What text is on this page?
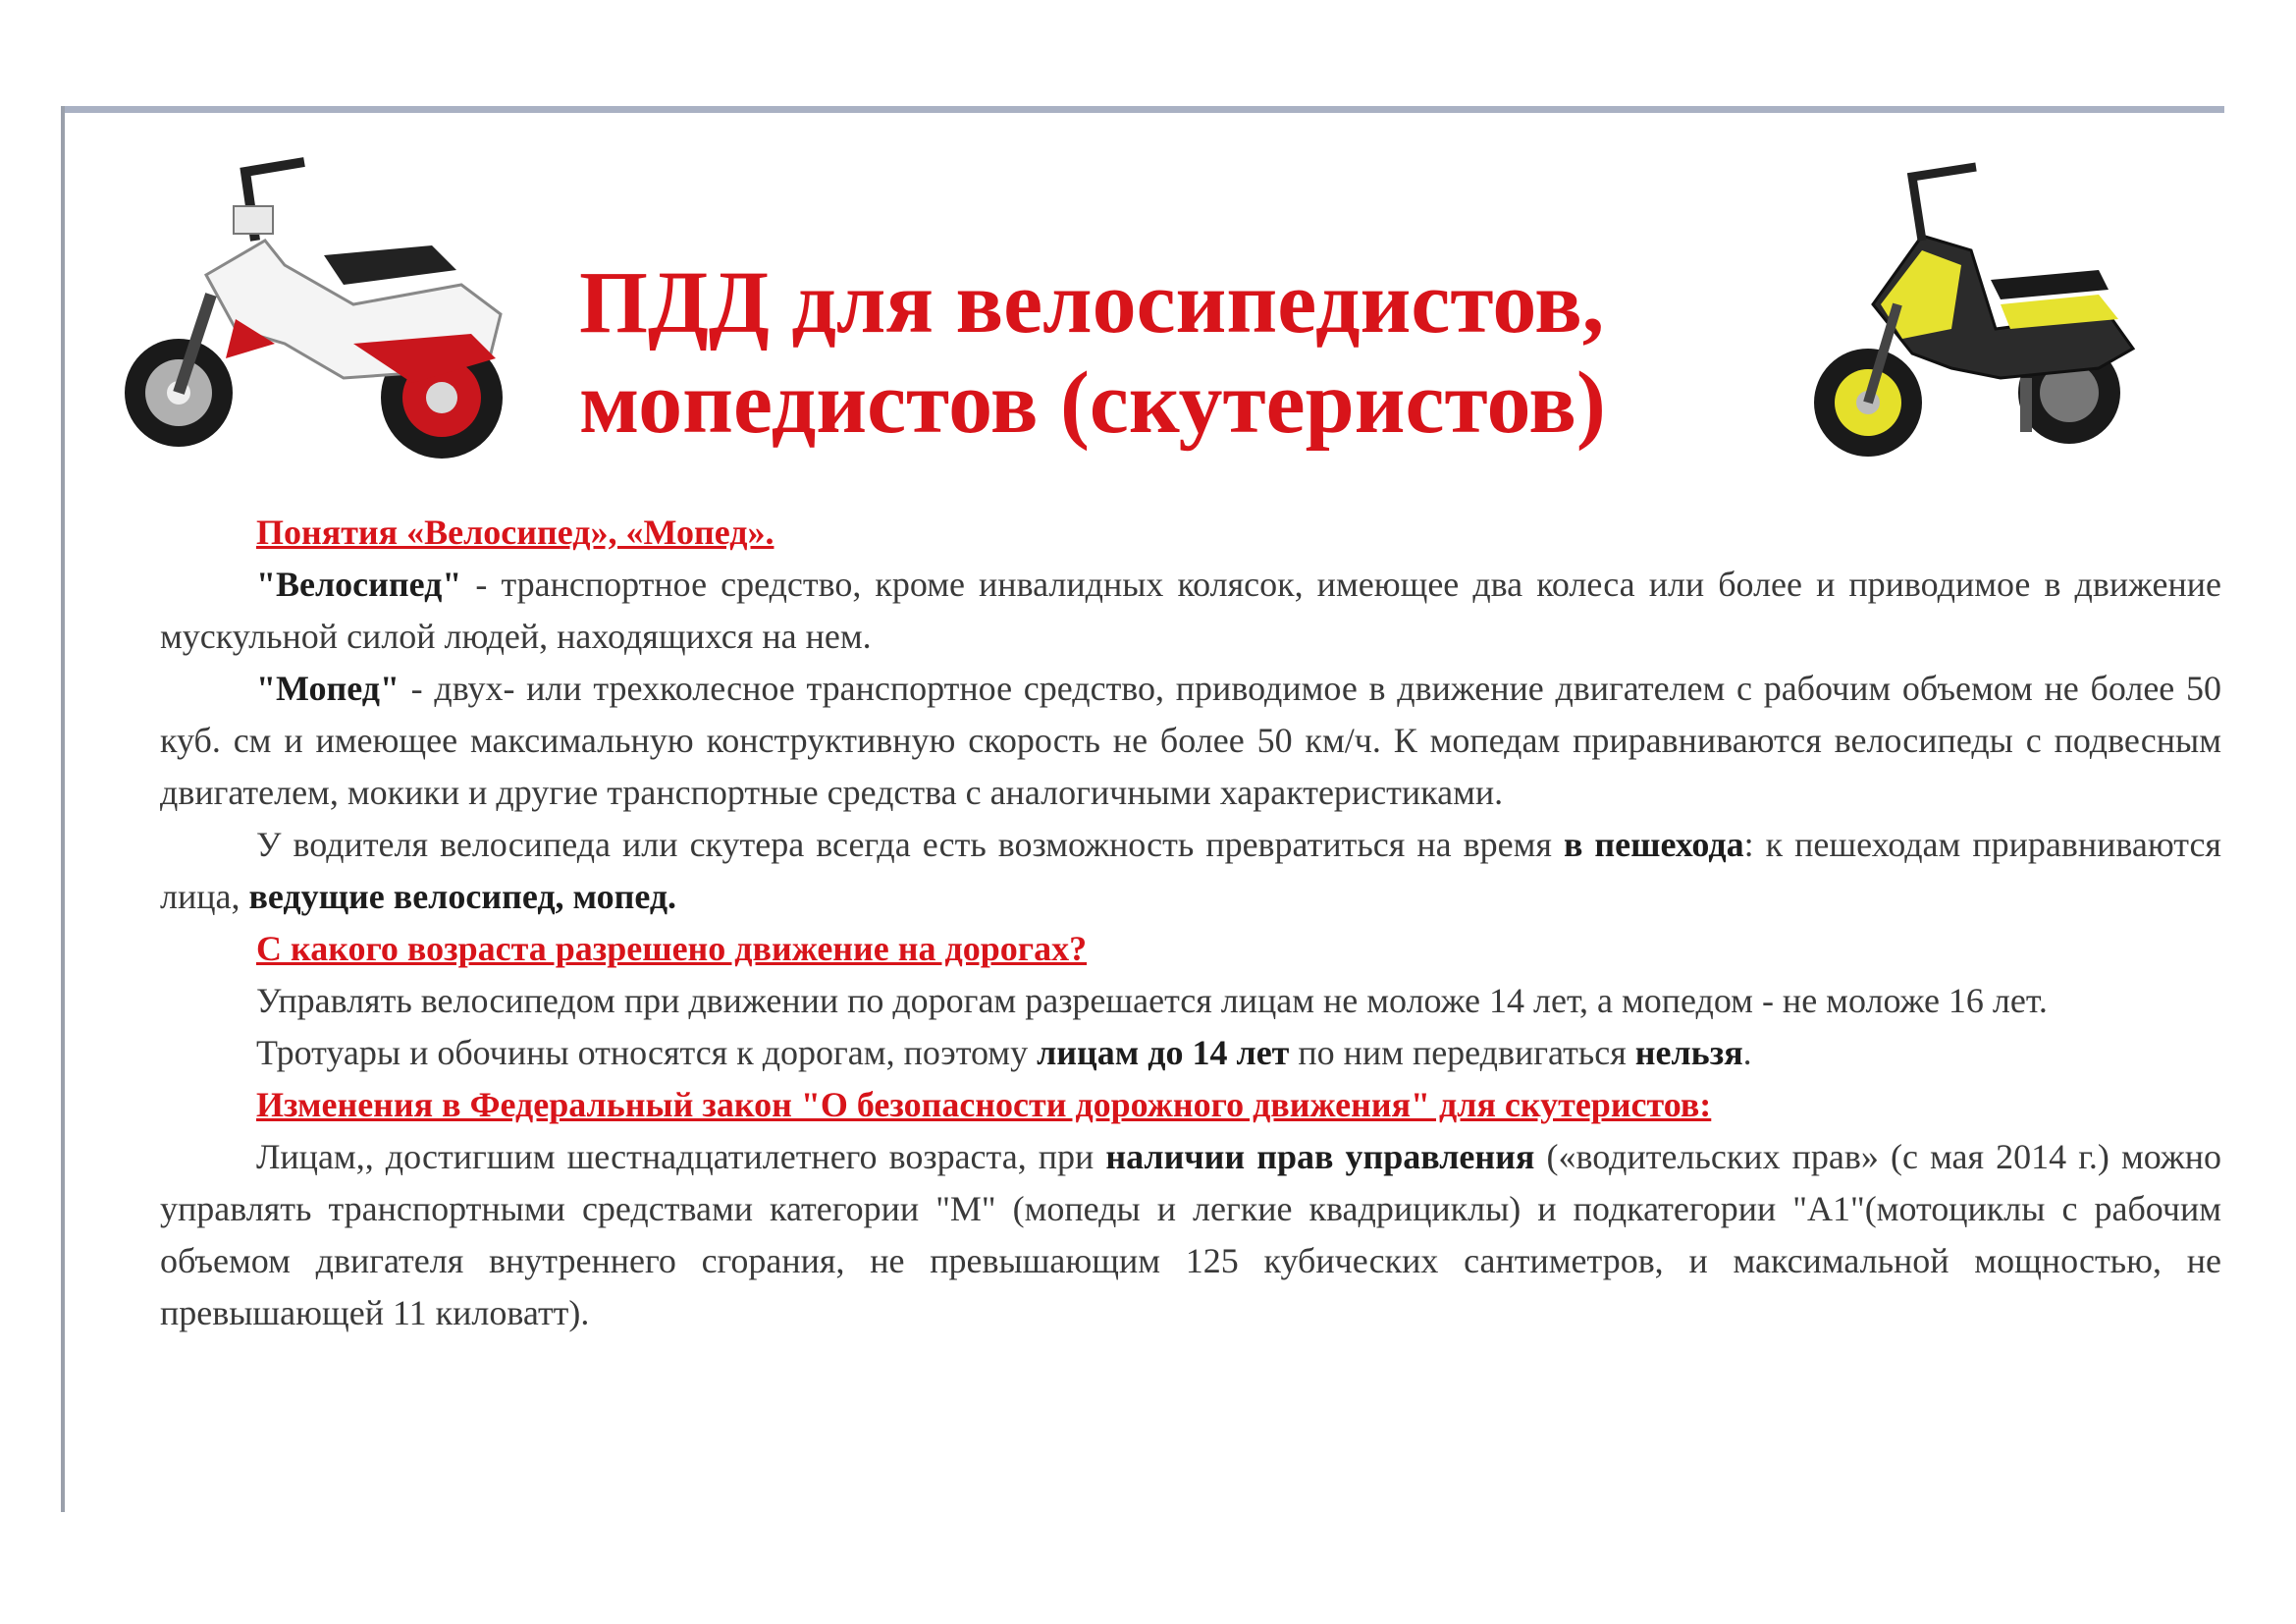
ПДД для велосипедистов,
мопедистов (скутеристов)

Понятия «Велосипед», «Мопед».

"Велосипед" - транспортное средство, кроме инвалидных колясок, имеющее два колеса или более и приводимое в движение мускульной силой людей, находящихся на нем.

"Мопед" - двух- или трехколесное транспортное средство, приводимое в движение двигателем с рабочим объемом не более 50 куб. см и имеющее максимальную конструктивную скорость не более 50 км/ч. К мопедам приравниваются велосипеды с подвесным двигателем, мокики и другие транспортные средства с аналогичными характеристиками.

У водителя велосипеда или скутера всегда есть возможность превратиться на время в пешехода: к пешеходам приравниваются лица, ведущие велосипед, мопед.

С какого возраста разрешено движение на дорогах?

Управлять велосипедом при движении по дорогам разрешается лицам не моложе 14 лет, а мопедом - не моложе 16 лет.

Тротуары и обочины относятся к дорогам, поэтому лицам до 14 лет по ним передвигаться нельзя.

Изменения в Федеральный закон "О безопасности дорожного движения" для скутеристов:

Лицам,, достигшим шестнадцатилетнего возраста, при наличии прав управления («водительских прав» (с мая 2014 г.) можно управлять транспортными средствами категории "М" (мопеды и легкие квадрициклы) и подкатегории "А1"(мотоциклы с рабочим объемом двигателя внутреннего сгорания, не превышающим 125 кубических сантиметров, и максимальной мощностью, не превышающей 11 киловатт).
